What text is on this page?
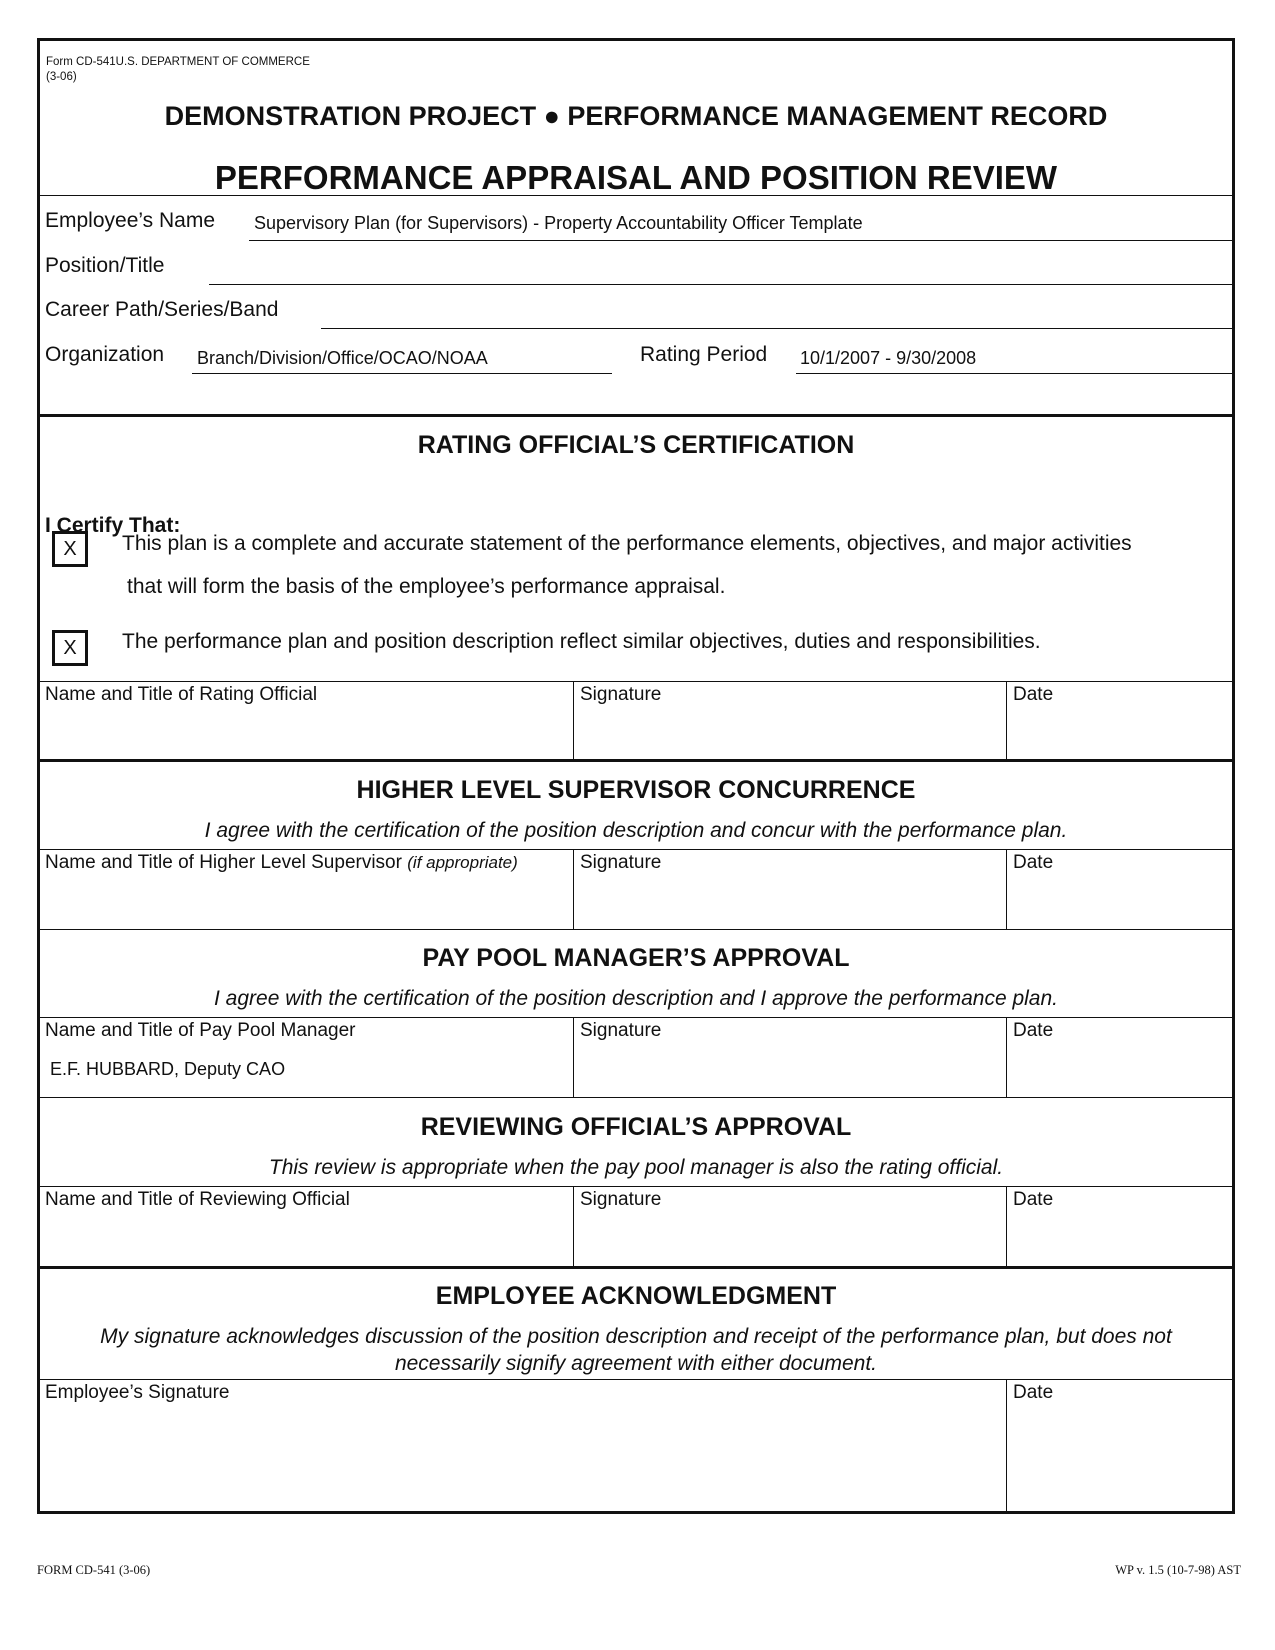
Form CD-541U.S. DEPARTMENT OF COMMERCE
(3-06)
DEMONSTRATION PROJECT ● PERFORMANCE MANAGEMENT RECORD
PERFORMANCE APPRAISAL AND POSITION REVIEW
Employee’s Name Supervisory Plan (for Supervisors) - Property Accountability Officer Template
Position/Title
Career Path/Series/Band
Organization Branch/Division/Office/OCAO/NOAA	Rating Period 10/1/2007 - 9/30/2008
RATING OFFICIAL’S CERTIFICATION
I Certify That:
X	This plan is a complete and accurate statement of the performance elements, objectives, and major activities
that will form the basis of the employee’s performance appraisal.
X	The performance plan and position description reflect similar objectives, duties and responsibilities.
Name and Title of Rating Official	Signature	Date
HIGHER LEVEL SUPERVISOR CONCURRENCE
I agree with the certification of the position description and concur with the performance plan.
Name and Title of Higher Level Supervisor (if appropriate)	Signature	Date
PAY POOL MANAGER’S APPROVAL
I agree with the certification of the position description and I approve the performance plan.
Name and Title of Pay Pool Manager
E.F. HUBBARD, Deputy CAO
Signature	Date
REVIEWING OFFICIAL’S APPROVAL
This review is appropriate when the pay pool manager is also the rating official.
Name and Title of Reviewing Official	Signature	Date
EMPLOYEE ACKNOWLEDGMENT
My signature acknowledges discussion of the position description and receipt of the performance plan, but does not necessarily signify agreement with either document.
Employee’s Signature	Date
FORM CD-541 (3-06)	WP v. 1.5 (10-7-98) AST
